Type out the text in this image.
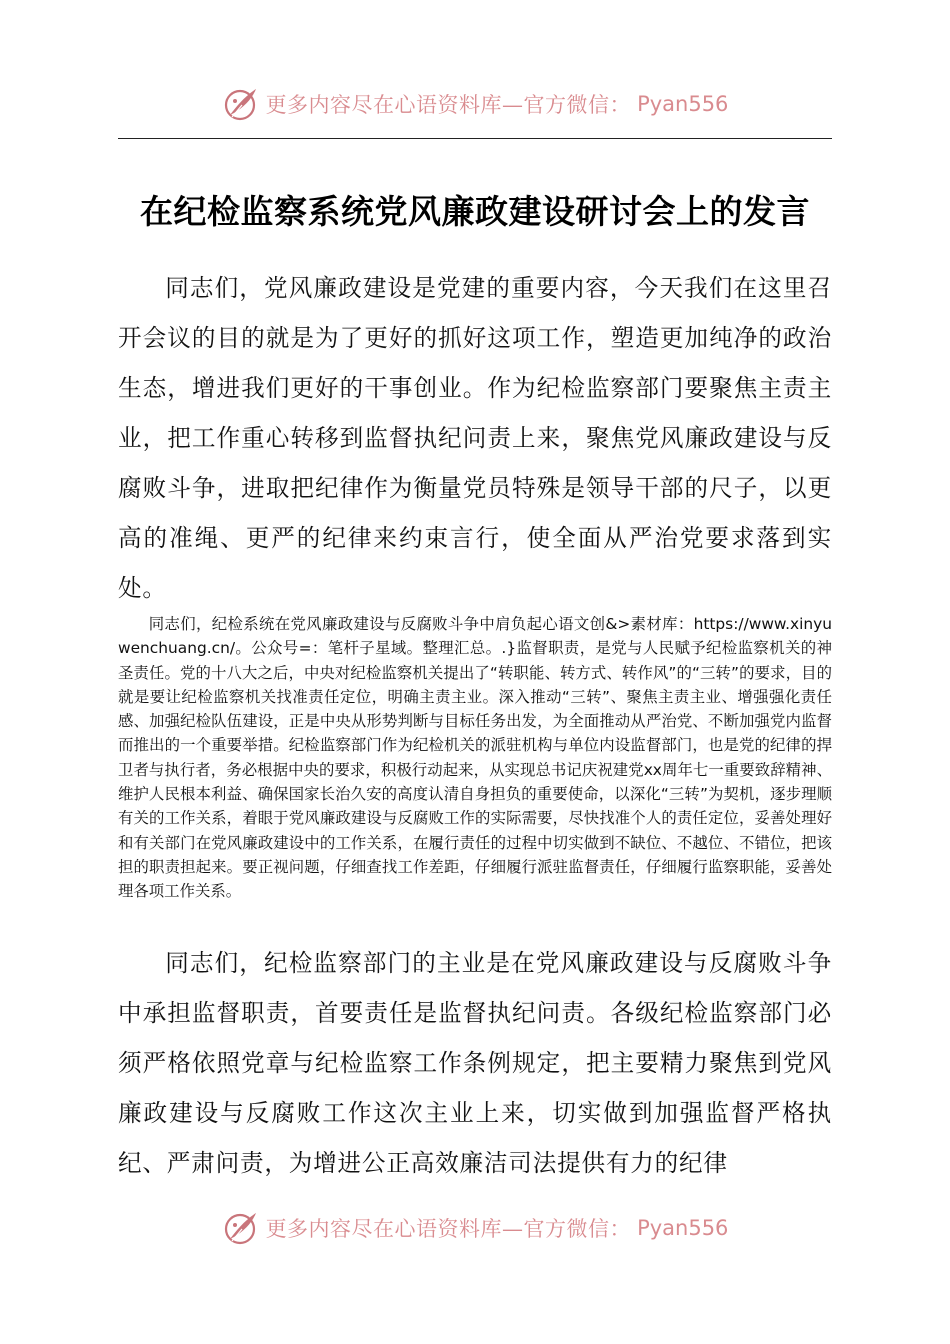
更多内容尽在心语资料库—官方微信： Pyan556
在纪检监察系统党风廉政建设研讨会上的发言

同志们，党风廉政建设是党建的重要内容，今天我们在这里召开会议的目的就是为了更好的抓好这项工作，塑造更加纯净的政治生态，增进我们更好的干事创业。作为纪检监察部门要聚焦主责主业，把工作重心转移到监督执纪问责上来，聚焦党风廉政建设与反腐败斗争，进取把纪律作为衡量党员特殊是领导干部的尺子，以更高的准绳、更严的纪律来约束言行，使全面从严治党要求落到实处。

同志们，纪检系统在党风廉政建设与反腐败斗争中肩负起心语文创&>素材库：https://www.xinyuwenchuang.cn/。公众号=：笔杆子星域。整理汇总。.}监督职责，是党与人民赋予纪检监察机关的神圣责任。党的十八大之后，中央对纪检监察机关提出了“转职能、转方式、转作风”的“三转”的要求，目的就是要让纪检监察机关找准责任定位，明确主责主业。深入推动“三转”、聚焦主责主业、增强强化责任感、加强纪检队伍建设，正是中央从形势判断与目标任务出发，为全面推动从严治党、不断加强党内监督而推出的一个重要举措。纪检监察部门作为纪检机关的派驻机构与单位内设监督部门，也是党的纪律的捍卫者与执行者，务必根据中央的要求，积极行动起来，从实现总书记庆祝建党xx周年七一重要致辞精神、维护人民根本利益、确保国家长治久安的高度认清自身担负的重要使命，以深化“三转”为契机，逐步理顺有关的工作关系，着眼于党风廉政建设与反腐败工作的实际需要，尽快找准个人的责任定位，妥善处理好和有关部门在党风廉政建设中的工作关系，在履行责任的过程中切实做到不缺位、不越位、不错位，把该担的职责担起来。要正视问题，仔细查找工作差距，仔细履行派驻监督责任，仔细履行监察职能，妥善处理各项工作关系。

同志们，纪检监察部门的主业是在党风廉政建设与反腐败斗争中承担监督职责，首要责任是监督执纪问责。各级纪检监察部门必须严格依照党章与纪检监察工作条例规定，把主要精力聚焦到党风廉政建设与反腐败工作这次主业上来，切实做到加强监督严格执纪、严肃问责，为增进公正高效廉洁司法提供有力的纪律

更多内容尽在心语资料库—官方微信： Pyan556
